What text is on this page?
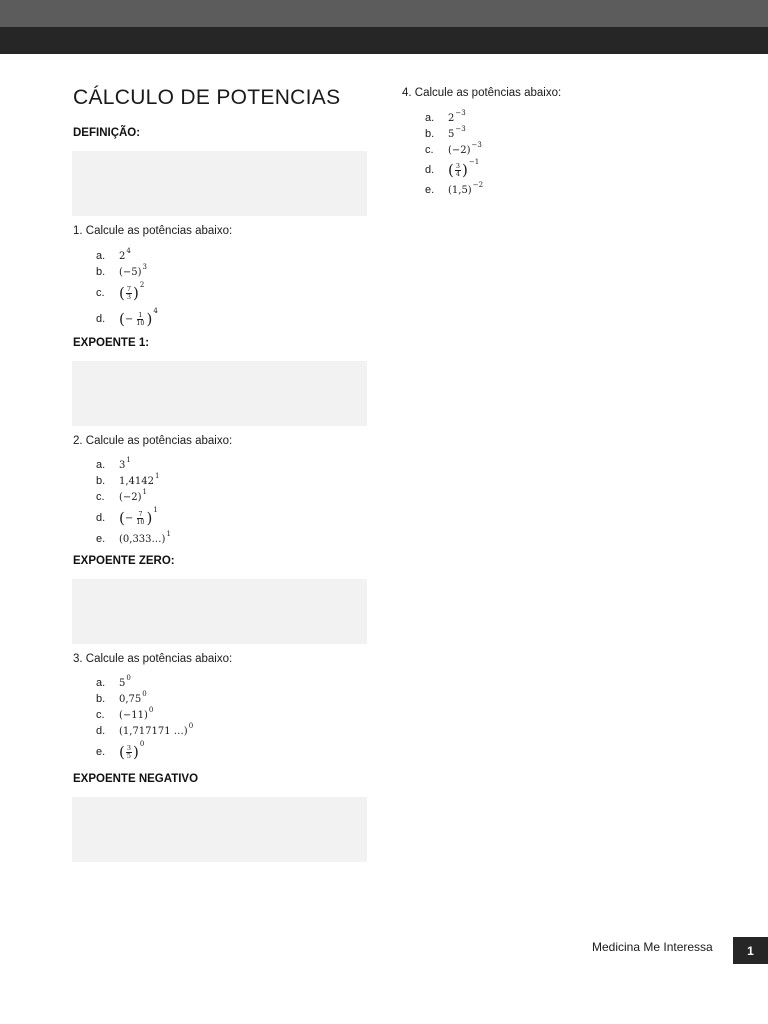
CÁLCULO DE POTENCIAS
DEFINIÇÃO:
1. Calcule as potências abaixo:
a.	$2^4$
b.	$(-5)^3$
c. ( $\frac{7}{3} )^2$
d. ( − $\frac{1}{10} )^4$
EXPOENTE 1:
2. Calcule as potências abaixo:
a.	$3^1$
b.	1,4142$^1$
c.	$(-2)^1$
d. ( − $\frac{7}{10} )^1$
e.	(0,333…)$^1$
EXPOENTE ZERO:
3. Calcule as potências abaixo:
a.	$5^0$
b.	0,75$^0$
c.	$(-11)^0$
d.	(1,717171 …)$^0$
e. ( $\frac{3}{5} )^0$
EXPOENTE NEGATIVO
4. Calcule as potências abaixo:
a.	$2^{-3}$
b.	$5^{-3}$
c.	$(-2)^{-3}$
d. ( $\frac{3}{4} )^{-1}$
e.	$(1,5)^{-2}$
Medicina Me Interessa	1
